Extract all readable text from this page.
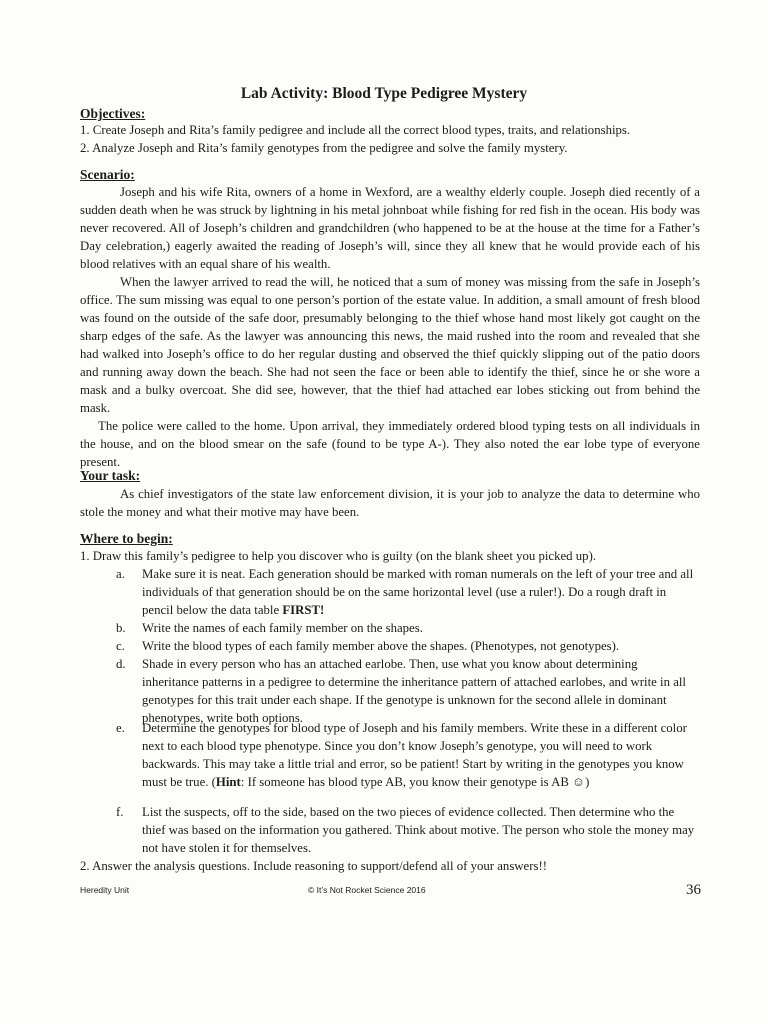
Lab Activity: Blood Type Pedigree Mystery
Objectives:
1. Create Joseph and Rita’s family pedigree and include all the correct blood types, traits, and relationships.
2. Analyze Joseph and Rita’s family genotypes from the pedigree and solve the family mystery.
Scenario:

Joseph and his wife Rita, owners of a home in Wexford, are a wealthy elderly couple. Joseph died recently of a sudden death when he was struck by lightning in his metal johnboat while fishing for red fish in the ocean. His body was never recovered. All of Joseph’s children and grandchildren (who happened to be at the house at the time for a Father’s Day celebration,) eagerly awaited the reading of Joseph’s will, since they all knew that he would provide each of his blood relatives with an equal share of his wealth.

When the lawyer arrived to read the will, he noticed that a sum of money was missing from the safe in Joseph’s office. The sum missing was equal to one person’s portion of the estate value. In addition, a small amount of fresh blood was found on the outside of the safe door, presumably belonging to the thief whose hand most likely got caught on the sharp edges of the safe. As the lawyer was announcing this news, the maid rushed into the room and revealed that she had walked into Joseph’s office to do her regular dusting and observed the thief quickly slipping out of the patio doors and running away down the beach. She had not seen the face or been able to identify the thief, since he or she wore a mask and a bulky overcoat. She did see, however, that the thief had attached ear lobes sticking out from behind the mask.

The police were called to the home. Upon arrival, they immediately ordered blood typing tests on all individuals in the house, and on the blood smear on the safe (found to be type A-). They also noted the ear lobe type of everyone present.

Your task:

As chief investigators of the state law enforcement division, it is your job to analyze the data to determine who stole the money and what their motive may have been.

Where to begin:
1. Draw this family’s pedigree to help you discover who is guilty (on the blank sheet you picked up).
a.	Make sure it is neat. Each generation should be marked with roman numerals on the left of your tree and all individuals of that generation should be on the same horizontal level (use a ruler!). Do a rough draft in pencil below the data table FIRST!
b.	Write the names of each family member on the shapes.
c.	Write the blood types of each family member above the shapes. (Phenotypes, not genotypes).
d.	Shade in every person who has an attached earlobe. Then, use what you know about determining inheritance patterns in a pedigree to determine the inheritance pattern of attached earlobes, and write in all genotypes for this trait under each shape. If the genotype is unknown for the second allele in dominant phenotypes, write both options.
e.	Determine the genotypes for blood type of Joseph and his family members. Write these in a different color next to each blood type phenotype. Since you don’t know Joseph’s genotype, you will need to work backwards. This may take a little trial and error, so be patient! Start by writing in the genotypes you know must be true. (Hint: If someone has blood type AB, you know their genotype is AB ☺)
f.	List the suspects, off to the side, based on the two pieces of evidence collected. Then determine who the thief was based on the information you gathered. Think about motive. The person who stole the money may not have stolen it for themselves.
2. Answer the analysis questions. Include reasoning to support/defend all of your answers!!
Heredity Unit	© It’s Not Rocket Science 2016	36
